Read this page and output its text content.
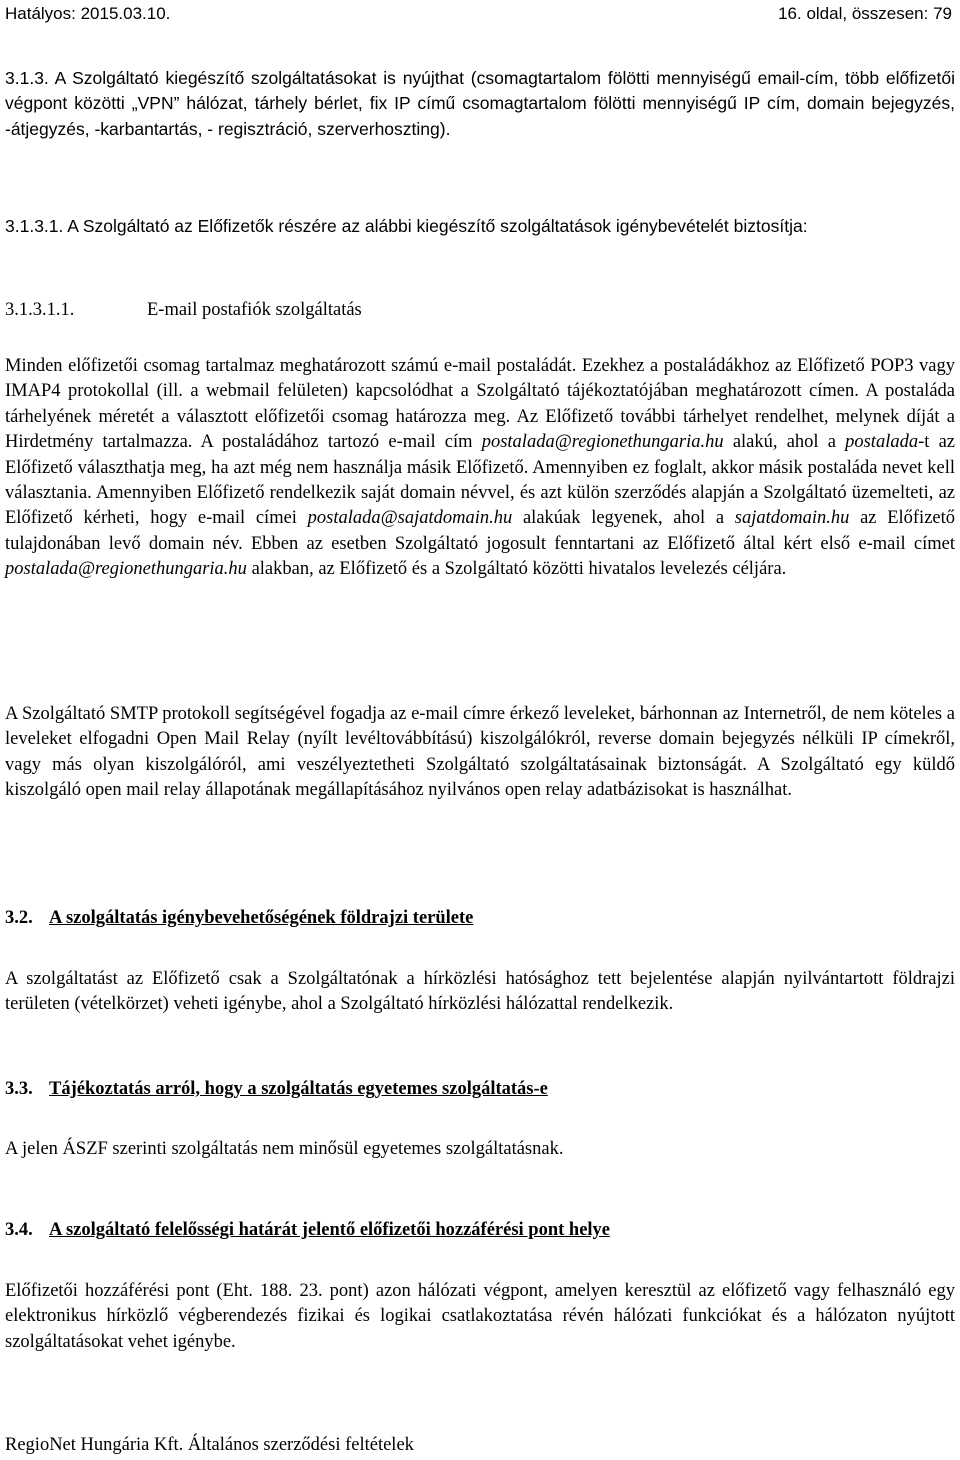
Hatályos: 2015.03.10.	16. oldal, összesen: 79

3.1.3. A Szolgáltató kiegészítő szolgáltatásokat is nyújthat (csomagtartalom fölötti mennyiségű email-cím, több előfizetői végpont közötti „VPN” hálózat, tárhely bérlet, fix IP című csomagtartalom fölötti mennyiségű IP cím, domain bejegyzés, -átjegyzés, -karbantartás, - regisztráció, szerverhoszting).

3.1.3.1. A Szolgáltató az Előfizetők részére az alábbi kiegészítő szolgáltatások igénybevételét biztosítja:

3.1.3.1.1.	E-mail postafiók szolgáltatás

Minden előfizetői csomag tartalmaz meghatározott számú e-mail postaládát. Ezekhez a postaládákhoz az Előfizető POP3 vagy IMAP4 protokollal (ill. a webmail felületen) kapcsolódhat a Szolgáltató tájékoztatójában meghatározott címen. A postaláda tárhelyének méretét a választott előfizetői csomag határozza meg. Az Előfizető további tárhelyet rendelhet, melynek díját a Hirdetmény tartalmazza. A postaládához tartozó e-mail cím postalada@regionethungaria.hu alakú, ahol a postalada-t az Előfizető választhatja meg, ha azt még nem használja másik Előfizető. Amennyiben ez foglalt, akkor másik postaláda nevet kell választania. Amennyiben Előfizető rendelkezik saját domain névvel, és azt külön szerződés alapján a Szolgáltató üzemelteti, az Előfizető kérheti, hogy e-mail címei postalada@sajatdomain.hu alakúak legyenek, ahol a sajatdomain.hu az Előfizető tulajdonában levő domain név. Ebben az esetben Szolgáltató jogosult fenntartani az Előfizető által kért első e-mail címet postalada@regionethungaria.hu alakban, az Előfizető és a Szolgáltató közötti hivatalos levelezés céljára.

A Szolgáltató SMTP protokoll segítségével fogadja az e-mail címre érkező leveleket, bárhonnan az Internetről, de nem köteles a leveleket elfogadni Open Mail Relay (nyílt levéltovábbítású) kiszolgálókról, reverse domain bejegyzés nélküli IP címekről, vagy más olyan kiszolgálóról, ami veszélyeztetheti Szolgáltató szolgáltatásainak biztonságát. A Szolgáltató egy küldő kiszolgáló open mail relay állapotának megállapításához nyilvános open relay adatbázisokat is használhat.

3.2. A szolgáltatás igénybevehetőségének földrajzi területe

A szolgáltatást az Előfizető csak a Szolgáltatónak a hírközlési hatósághoz tett bejelentése alapján nyilvántartott földrajzi területen (vételkörzet) veheti igénybe, ahol a Szolgáltató hírközlési hálózattal rendelkezik.

3.3. Tájékoztatás arról, hogy a szolgáltatás egyetemes szolgáltatás-e

A jelen ÁSZF szerinti szolgáltatás nem minősül egyetemes szolgáltatásnak.

3.4. A szolgáltató felelősségi határát jelentő előfizetői hozzáférési pont helye

Előfizetői hozzáférési pont (Eht. 188. 23. pont) azon hálózati végpont, amelyen keresztül az előfizető vagy felhasználó egy elektronikus hírközlő végberendezés fizikai és logikai csatlakoztatása révén hálózati funkciókat és a hálózaton nyújtott szolgáltatásokat vehet igénybe.

RegioNet Hungária Kft. Általános szerződési feltételek
